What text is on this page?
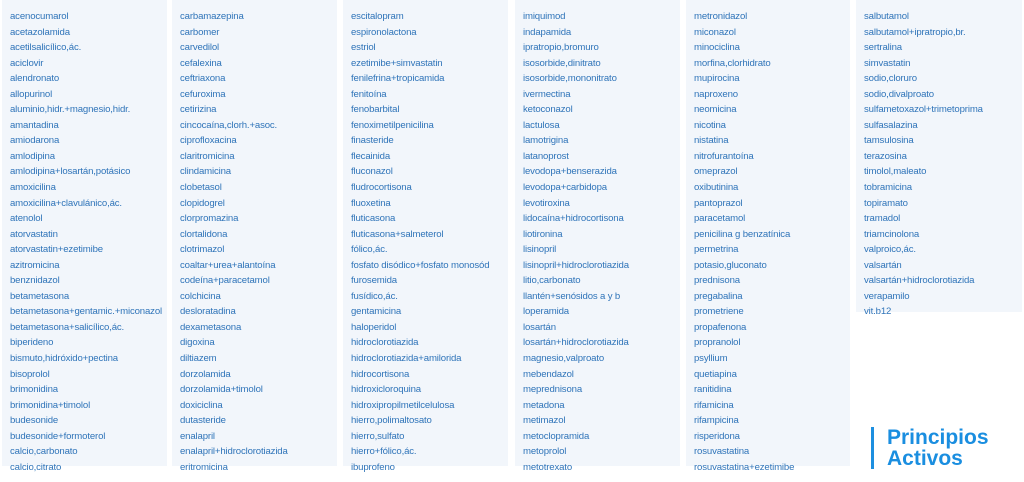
acenocumarol
acetazolamida
acetilsalicílico,ác.
aciclovir
alendronato
allopurinol
aluminio,hidr.+magnesio,hidr.
amantadina
amiodarona
amlodipina
amlodipina+losartán,potásico
amoxicilina
amoxicilina+clavulánico,ác.
atenolol
atorvastatin
atorvastatin+ezetimibe
azitromicina
benznidazol
betametasona
betametasona+gentamic.+miconazol
betametasona+salicílico,ác.
biperideno
bismuto,hidróxido+pectina
bisoprolol
brimonidina
brimonidina+timolol
budesonide
budesonide+formoterol
calcio,carbonato
calcio,citrato
carbamazepina
carbomer
carvedilol
cefalexina
ceftriaxona
cefuroxima
cetirizina
cincocaína,clorh.+asoc.
ciprofloxacina
claritromicina
clindamicina
clobetasol
clopidogrel
clorpromazina
clortalidona
clotrimazol
coaltar+urea+alantoína
codeína+paracetamol
colchicina
desloratadina
dexametasona
digoxina
diltiazem
dorzolamida
dorzolamida+timolol
doxiciclina
dutasteride
enalapril
enalapril+hidroclorotiazida
eritromicina
escitalopram
espironolactona
estriol
ezetimibe+simvastatin
fenilefrina+tropicamida
fenitoína
fenobarbital
fenoximetilpenicilina
finasteride
flecainida
fluconazol
fludrocortisona
fluoxetina
fluticasona
fluticasona+salmeterol
fólico,ác.
fosfato disódico+fosfato monosód
furosemida
fusídico,ác.
gentamicina
haloperidol
hidroclorotiazida
hidroclorotiazida+amilorida
hidrocortisona
hidroxicloroquina
hidroxipropilmetilcelulosa
hierro,polimaltosato
hierro,sulfato
hierro+fólico,ác.
ibuprofeno
imiquimod
indapamida
ipratropio,bromuro
isosorbide,dinitrato
isosorbide,mononitrato
ivermectina
ketoconazol
lactulosa
lamotrigina
latanoprost
levodopa+benserazida
levodopa+carbidopa
levotiroxina
lidocaína+hidrocortisona
liotironina
lisinopril
lisinopril+hidroclorotiazida
litio,carbonato
llantén+senósidos a y b
loperamida
losartán
losartán+hidroclorotiazida
magnesio,valproato
mebendazol
meprednisona
metadona
metimazol
metoclopramida
metoprolol
metotrexato
metronidazol
miconazol
minociclina
morfina,clorhidrato
mupirocina
naproxeno
neomicina
nicotina
nistatina
nitrofurantoína
omeprazol
oxibutinina
pantoprazol
paracetamol
penicilina g benzatínica
permetrina
potasio,gluconato
prednisona
pregabalina
prometriene
propafenona
propranolol
psyllium
quetiapina
ranitidina
rifamicina
rifampicina
risperidona
rosuvastatina
rosuvastatina+ezetimibe
salbutamol
salbutamol+ipratropio,br.
sertralina
simvastatin
sodio,cloruro
sodio,divalproato
sulfametoxazol+trimetoprima
sulfasalazina
tamsulosina
terazosina
timolol,maleato
tobramicina
topiramato
tramadol
triamcinolona
valproico,ác.
valsartán
valsartán+hidroclorotiazida
verapamilo
vit.b12
Principios
Activos
